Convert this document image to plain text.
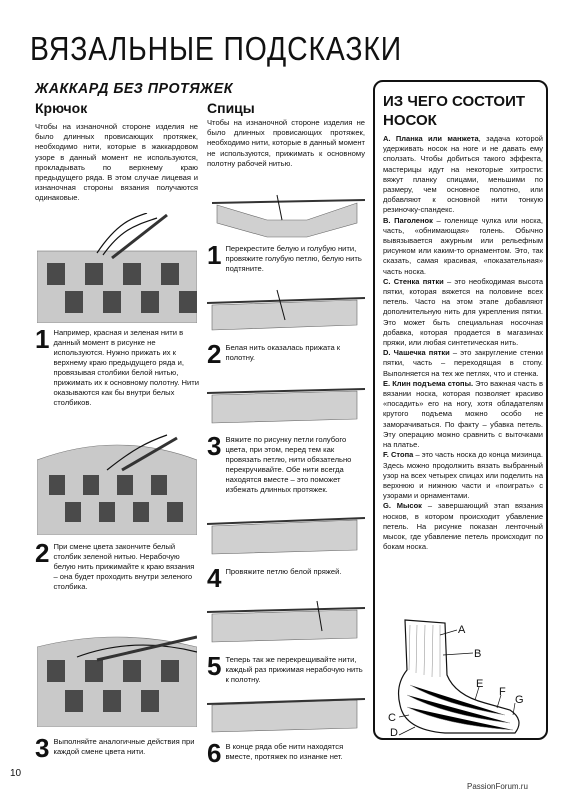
ВЯЗАЛЬНЫЕ ПОДСКАЗКИ
ЖАККАРД БЕЗ ПРОТЯЖЕК
Крючок
Чтобы на изнаночной стороне изделия не было длинных провисающих протяжек, необходимо нити, которые в жаккардовом узоре в данный момент не используются, прокладывать по верхнему краю предыдущего ряда. В этом случае лицевая и изнаночная стороны вязания получаются одинаковые.
1 Например, красная и зеленая нити в данный момент в рисунке не используются. Нужно прижать их к верхнему краю предыдущего ряда и, провязывая столбики белой нитью, прижимать их к основному полотну. Нити оказываются как бы внутри белых столбиков.
2 При смене цвета закончите белый столбик зеленой нитью. Нерабочую белую нить прижимайте к краю вязания – она будет проходить внутри зеленого столбика.
3 Выполняйте аналогичные действия при каждой смене цвета нити.
Спицы
Чтобы на изнаночной стороне изделия не было длинных провисающих протяжек, необходимо нити, которые в данный момент не используются, прижимать к основному полотну рабочей нитью.
1 Перекрестите белую и голубую нити, провяжите голубую петлю, белую нить подтяните.
2 Белая нить оказалась прижата к полотну.
3 Вяжите по рисунку петли голубого цвета, при этом, перед тем как провязать петлю, нити обязательно перекручивайте. Обе нити всегда находятся вместе – это поможет избежать длинных протяжек.
4 Провяжите петлю белой пряжей.
5 Теперь так же перекрещивайте нити, каждый раз прижимая нерабочую нить к полотну.
6 В конце ряда обе нити находятся вместе, протяжек по изнанке нет.
ИЗ ЧЕГО СОСТОИТ НОСОК

А. Планка или манжета, задача которой удерживать носок на ноге и не давать ему сползать. Чтобы добиться такого эффекта, мастерицы идут на некоторые хитрости: вяжут планку спицами, меньшими по размеру, чем основное полотно, или добавляют к основной нити тонкую резиночку-спандекс.

В. Паголенок – голенище чулка или носка, часть, «обнимающая» голень. Обычно вывязывается ажурным или рельефным рисунком или каким-то орнаментом. Это, так сказать, самая красивая, «показательная» часть носка.

С. Стенка пятки – это необходимая высота пятки, которая вяжется на половине всех петель. Часто на этом этапе добавляют дополнительную нить для укрепления пятки. Это может быть специальная носочная добавка, которая продается в магазинах пряжи, или любая синтетическая нить.

D. Чашечка пятки – это закругление стенки пятки, часть – переходящая в стопу. Выполняется на тех же петлях, что и стенка.

Е. Клин подъема стопы. Это важная часть в вязании носка, которая позволяет красиво «посадить» его на ногу, хотя обладателям крутого подъема можно особо не заморачиваться. По факту – убавка петель. Эту операцию можно сравнить с выточками на платье.

F. Стопа – это часть носка до конца мизинца. Здесь можно продолжить вязать выбранный узор на всех четырех спицах или поделить на верхнюю и нижнюю части и «поиграть» с узорами и орнаментами.

G. Мысок – завершающий этап вязания носков, в котором происходит убавление петель. На рисунке показан ленточный мысок, где убавление петель происходит по бокам носка.

A
B
C
D
E
F
G
10
PassionForum.ru
